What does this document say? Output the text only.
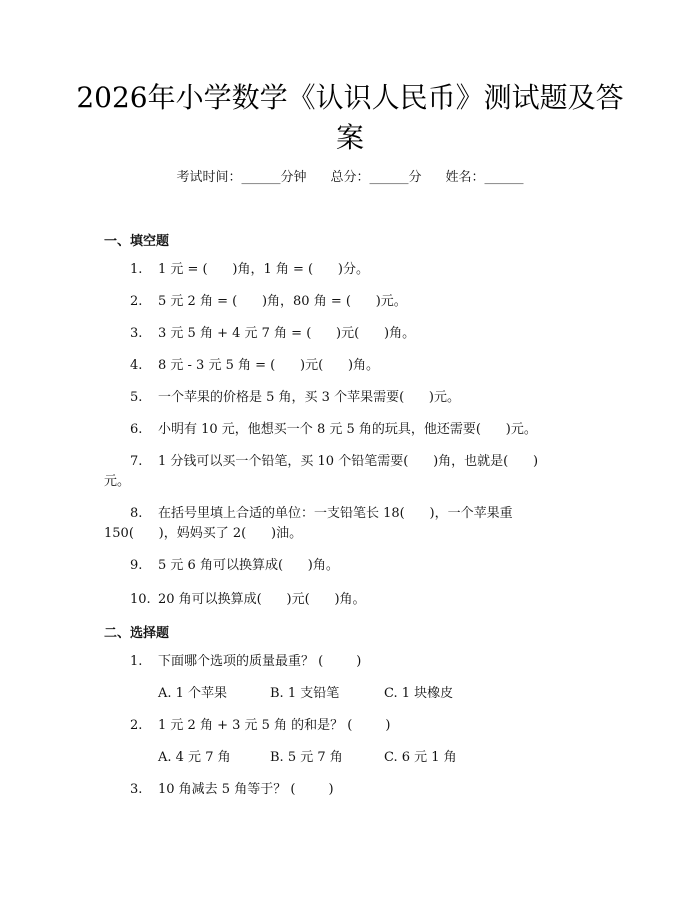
2026年小学数学《认识人民币》测试题及答
案
考试时间：______分钟 总分：______分 姓名：______
一、填空题
1. 1 元 = (      )角，1 角 = (      )分。
2. 5 元 2 角 = (      )角，80 角 = (      )元。
3. 3 元 5 角 + 4 元 7 角 = (      )元(      )角。
4. 8 元 - 3 元 5 角 = (      )元(      )角。
5. 一个苹果的价格是 5 角，买 3 个苹果需要(      )元。
6. 小明有 10 元，他想买一个 8 元 5 角的玩具，他还需要(      )元。
7. 1 分钱可以买一个铅笔，买 10 个铅笔需要(      )角，也就是(      )
元。
8. 在括号里填上合适的单位：一支铅笔长 18(      )，一个苹果重
150(      )，妈妈买了 2(      )油。
9. 5 元 6 角可以换算成(      )角。
10. 20 角可以换算成(      )元(      )角。
二、选择题
1. 下面哪个选项的质量最重？ (        )
A. 1 个苹果	B. 1 支铅笔	C. 1 块橡皮
2. 1 元 2 角 + 3 元 5 角 的和是？ (        )
A. 4 元 7 角	B. 5 元 7 角	C. 6 元 1 角
3. 10 角减去 5 角等于？ (        )
